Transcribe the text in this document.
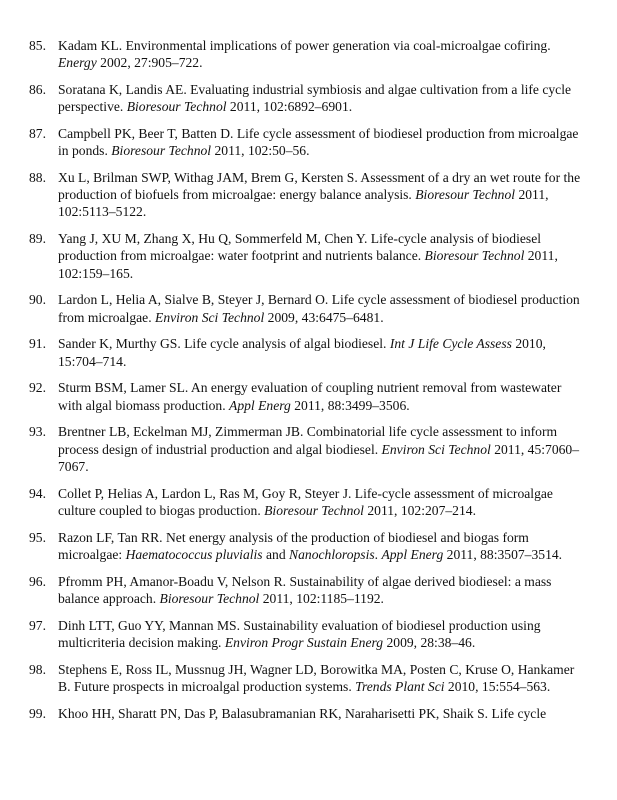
85. Kadam KL. Environmental implications of power generation via coal-microalgae cofiring. Energy 2002, 27:905–722.
86. Soratana K, Landis AE. Evaluating industrial symbiosis and algae cultivation from a life cycle perspective. Bioresour Technol 2011, 102:6892–6901.
87. Campbell PK, Beer T, Batten D. Life cycle assessment of biodiesel production from microalgae in ponds. Bioresour Technol 2011, 102:50–56.
88. Xu L, Brilman SWP, Withag JAM, Brem G, Kersten S. Assessment of a dry an wet route for the production of biofuels from microalgae: energy balance analysis. Bioresour Technol 2011, 102:5113–5122.
89. Yang J, XU M, Zhang X, Hu Q, Sommerfeld M, Chen Y. Life-cycle analysis of biodiesel production from microalgae: water footprint and nutrients balance. Bioresour Technol 2011, 102:159–165.
90. Lardon L, Helia A, Sialve B, Steyer J, Bernard O. Life cycle assessment of biodiesel production from microalgae. Environ Sci Technol 2009, 43:6475–6481.
91. Sander K, Murthy GS. Life cycle analysis of algal biodiesel. Int J Life Cycle Assess 2010, 15:704–714.
92. Sturm BSM, Lamer SL. An energy evaluation of coupling nutrient removal from wastewater with algal biomass production. Appl Energ 2011, 88:3499–3506.
93. Brentner LB, Eckelman MJ, Zimmerman JB. Combinatorial life cycle assessment to inform process design of industrial production and algal biodiesel. Environ Sci Technol 2011, 45:7060–7067.
94. Collet P, Helias A, Lardon L, Ras M, Goy R, Steyer J. Life-cycle assessment of microalgae culture coupled to biogas production. Bioresour Technol 2011, 102:207–214.
95. Razon LF, Tan RR. Net energy analysis of the production of biodiesel and biogas form microalgae: Haematococcus pluvialis and Nanochloropsis. Appl Energ 2011, 88:3507–3514.
96. Pfromm PH, Amanor-Boadu V, Nelson R. Sustainability of algae derived biodiesel: a mass balance approach. Bioresour Technol 2011, 102:1185–1192.
97. Dinh LTT, Guo YY, Mannan MS. Sustainability evaluation of biodiesel production using multicriteria decision making. Environ Progr Sustain Energ 2009, 28:38–46.
98. Stephens E, Ross IL, Mussnug JH, Wagner LD, Borowitka MA, Posten C, Kruse O, Hankamer B. Future prospects in microalgal production systems. Trends Plant Sci 2010, 15:554–563.
99. Khoo HH, Sharatt PN, Das P, Balasubramanian RK, Naraharisetti PK, Shaik S. Life cycle
